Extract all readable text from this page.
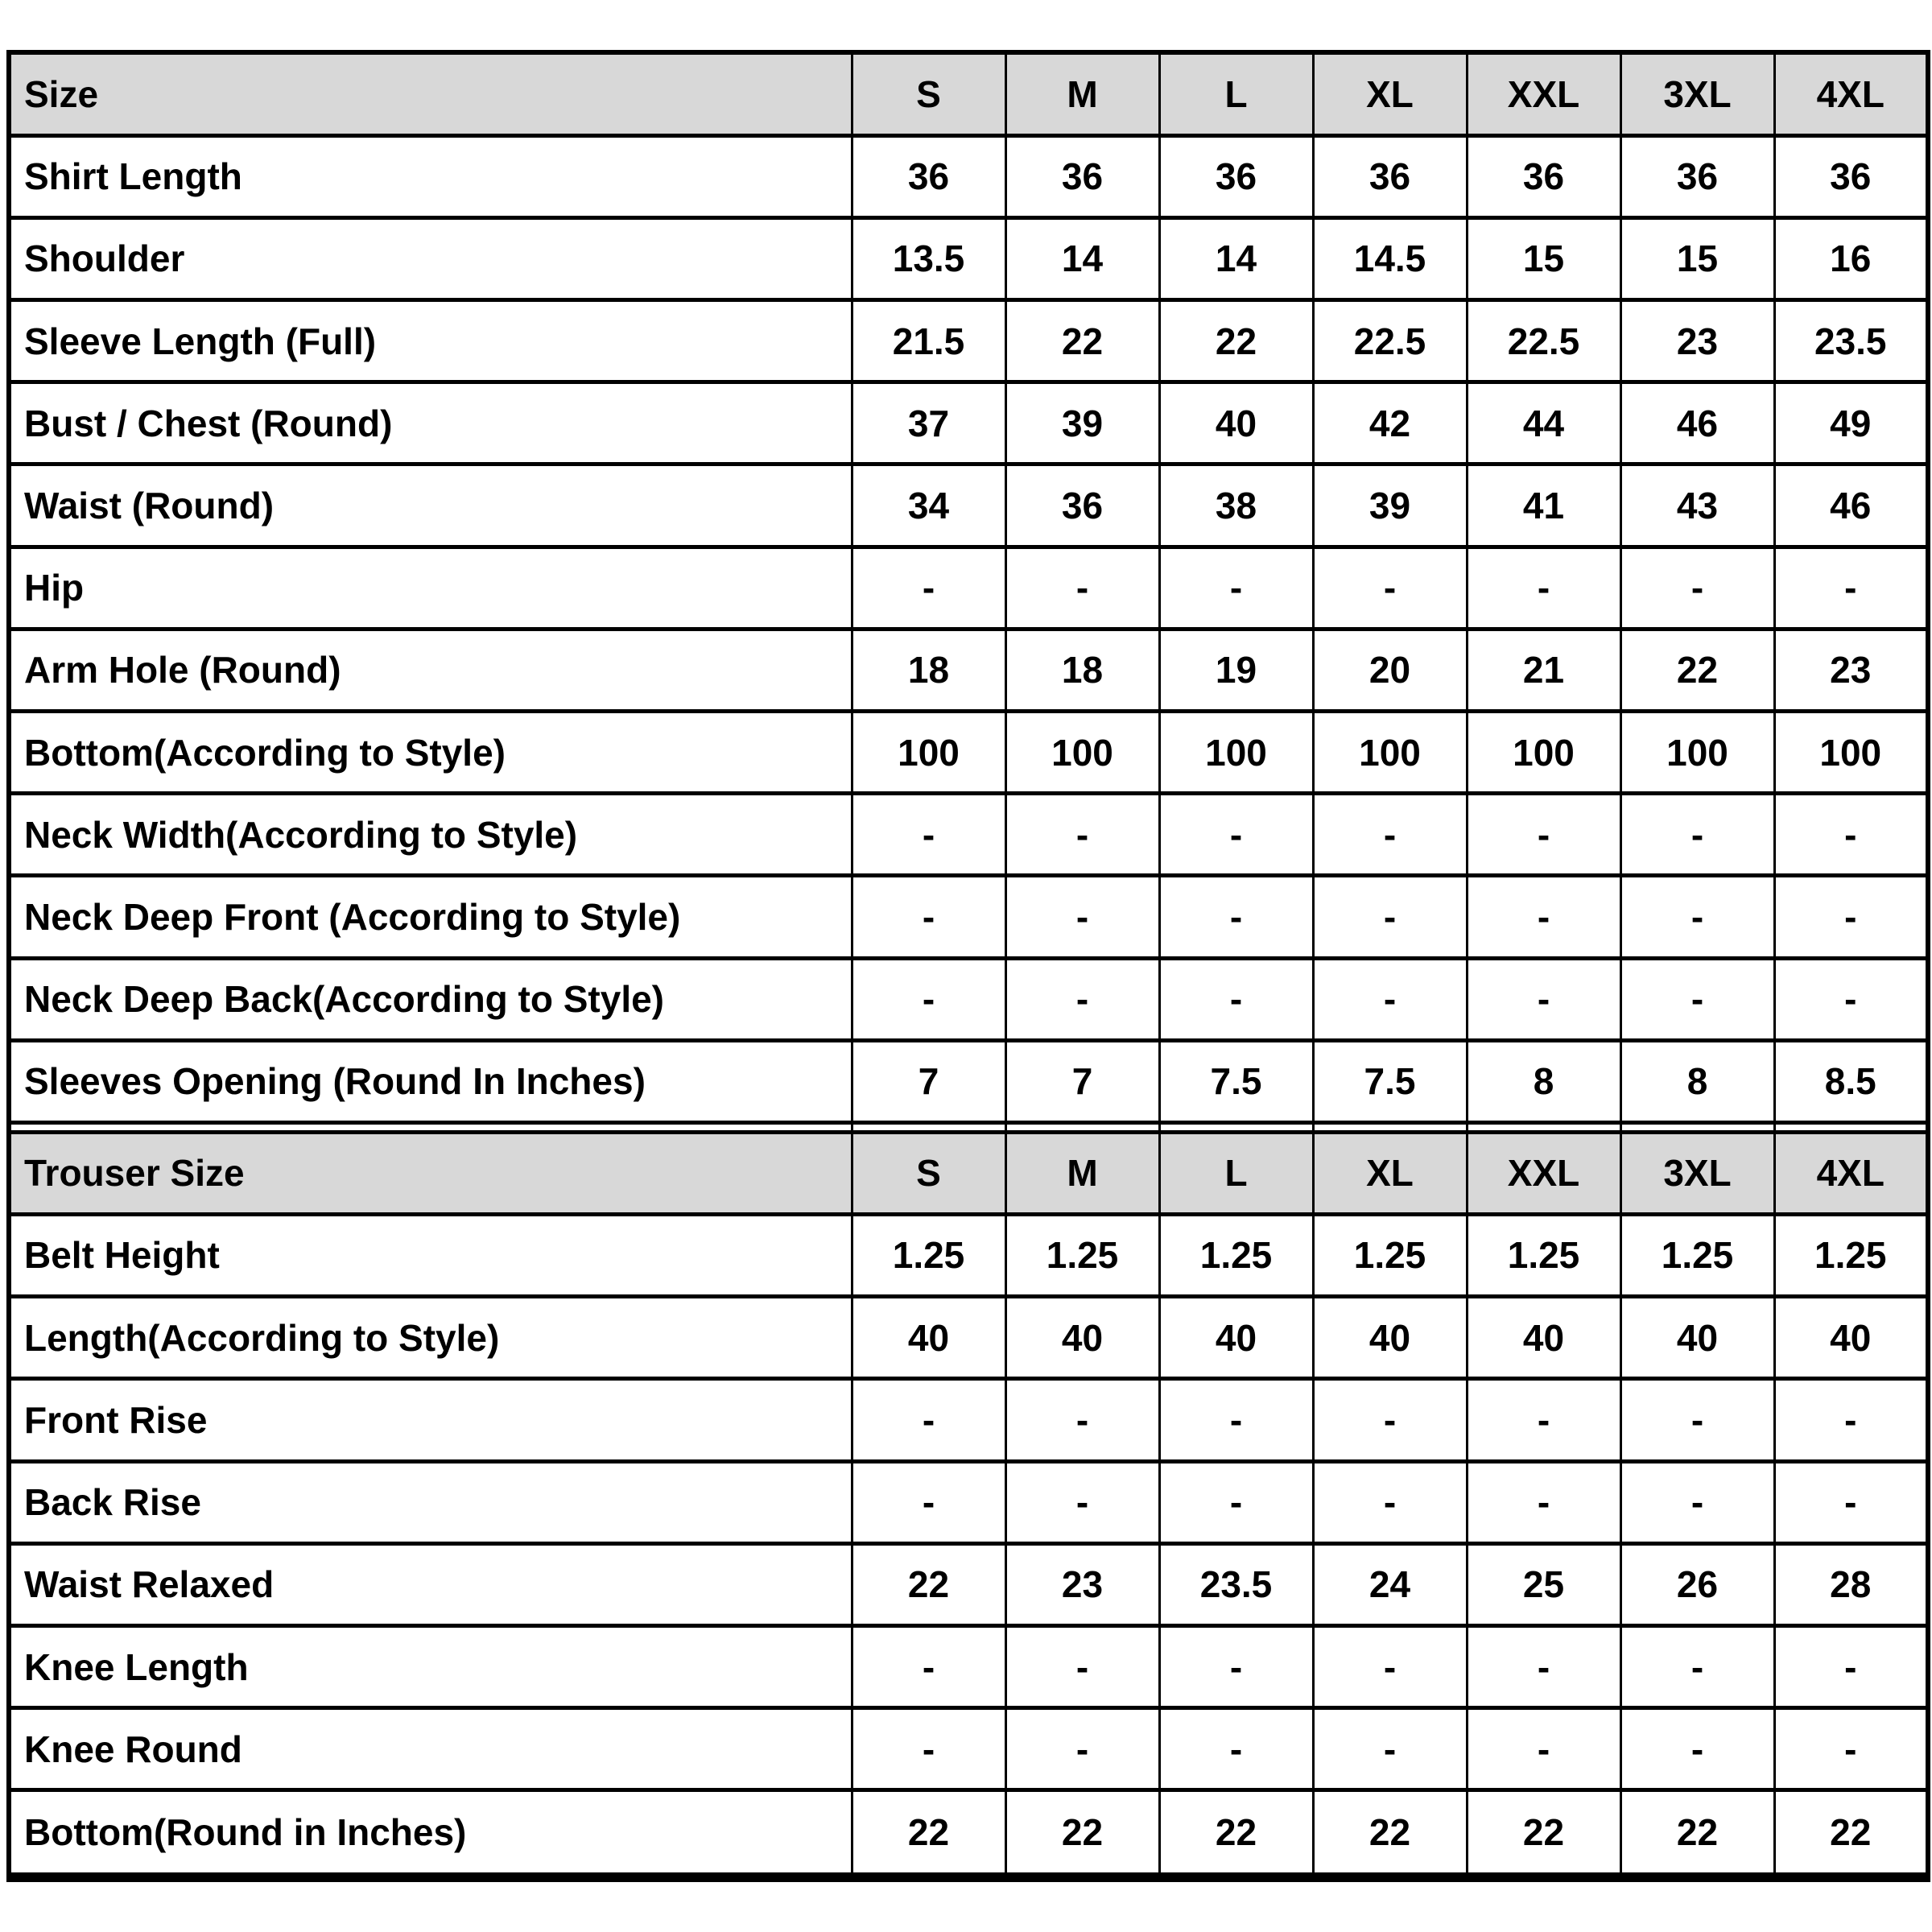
Size	S	M	L	XL	XXL	3XL	4XL
Shirt Length	36	36	36	36	36	36	36
Shoulder	13.5	14	14	14.5	15	15	16
Sleeve Length (Full)	21.5	22	22	22.5	22.5	23	23.5
Bust / Chest (Round)	37	39	40	42	44	46	49
Waist (Round)	34	36	38	39	41	43	46
Hip	-	-	-	-	-	-	-
Arm Hole (Round)	18	18	19	20	21	22	23
Bottom(According to Style)	100	100	100	100	100	100	100
Neck Width(According to Style)	-	-	-	-	-	-	-
Neck Deep Front (According to Style)	-	-	-	-	-	-	-
Neck Deep Back(According to Style)	-	-	-	-	-	-	-
Sleeves Opening (Round In Inches)	7	7	7.5	7.5	8	8	8.5

Trouser Size	S	M	L	XL	XXL	3XL	4XL
Belt Height	1.25	1.25	1.25	1.25	1.25	1.25	1.25
Length(According to Style)	40	40	40	40	40	40	40
Front Rise	-	-	-	-	-	-	-
Back Rise	-	-	-	-	-	-	-
Waist Relaxed	22	23	23.5	24	25	26	28
Knee Length	-	-	-	-	-	-	-
Knee Round	-	-	-	-	-	-	-
Bottom(Round in Inches)	22	22	22	22	22	22	22
